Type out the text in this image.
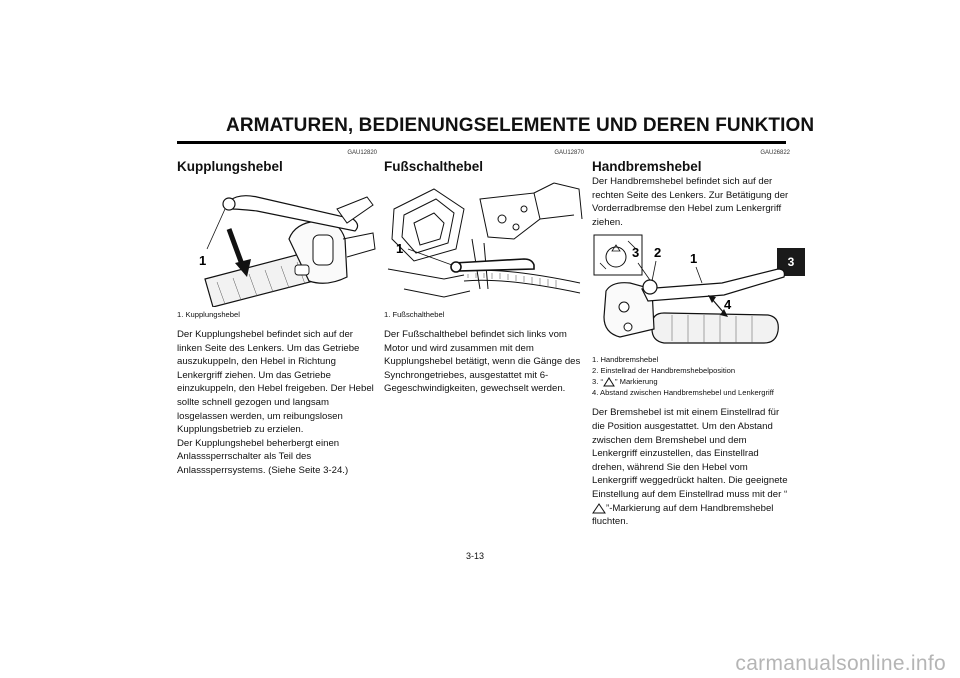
ARMATUREN, BEDIENUNGSELEMENTE UND DEREN FUNKTION
3
GAU12820
Kupplungshebel
1

1. Kupplungshebel

Der Kupplungshebel befindet sich auf der linken Seite des Lenkers. Um das Getriebe auszukuppeln, den Hebel in Richtung Lenkergriff ziehen. Um das Getriebe einzukuppeln, den Hebel freigeben. Der Hebel sollte schnell gezogen und langsam losgelassen werden, um reibungslosen Kupplungsbetrieb zu erzielen.

Der Kupplungshebel beherbergt einen Anlasssperrschalter als Teil des Anlasssperrsystems. (Siehe Seite 3-24.)

GAU12870
Fußschalthebel
1

1. Fußschalthebel

Der Fußschalthebel befindet sich links vom Motor und wird zusammen mit dem Kupplungshebel betätigt, wenn die Gänge des Synchrongetriebes, ausgestattet mit 6-Gegeschwindigkeiten, gewechselt werden.

GAU26822
Handbremshebel

Der Handbremshebel befindet sich auf der rechten Seite des Lenkers. Zur Betätigung der Vorderradbremse den Hebel zum Lenkergriff ziehen.

3 2 1
4
1. Handbremshebel
2. Einstellrad der Handbremshebelposition
3. “ ” Markierung
4. Abstand zwischen Handbremshebel und Lenkergriff

Der Bremshebel ist mit einem Einstellrad für die Position ausgestattet. Um den Abstand zwischen dem Bremshebel und dem Lenkergriff einzustellen, das Einstellrad drehen, während Sie den Hebel vom Lenkergriff weggedrückt halten. Die geeignete Einstellung auf dem Einstellrad muss mit der “”-Markierung auf dem Handbremshebel fluchten.

3-13
carmanualsonline.info
